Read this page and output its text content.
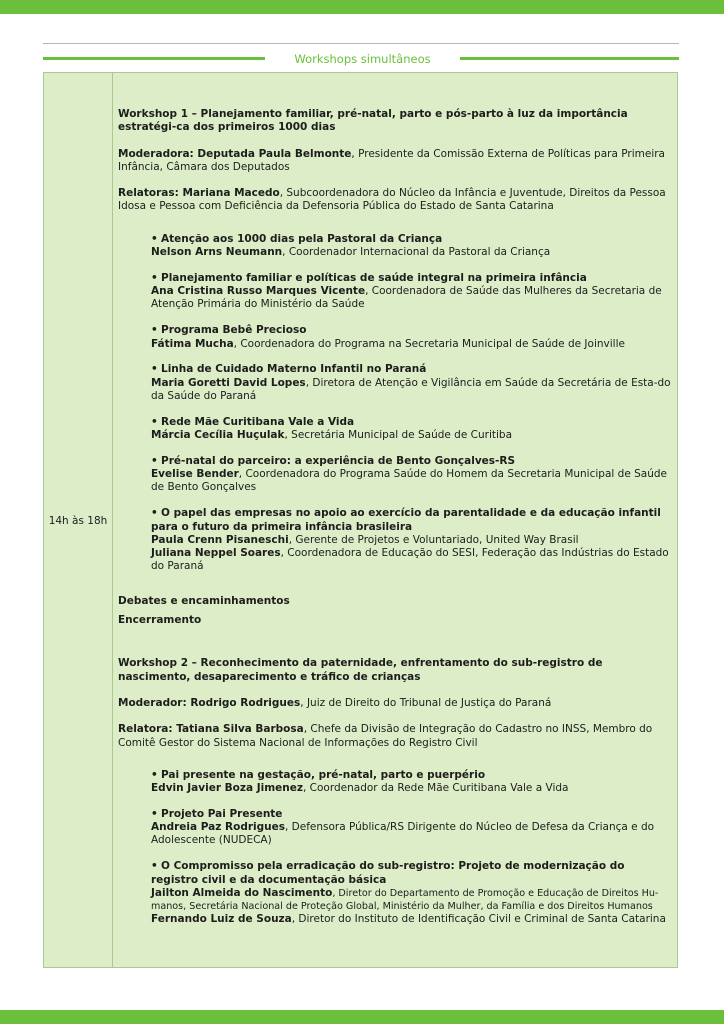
Workshops simultâneos
14h às 18h
Workshop 1 – Planejamento familiar, pré-natal, parto e pós-parto à luz da importância estratégi-ca dos primeiros 1000 dias
Moderadora: Deputada Paula Belmonte, Presidente da Comissão Externa de Políticas para Primeira Infância, Câmara dos Deputados
Relatoras: Mariana Macedo, Subcoordenadora do Núcleo da Infância e Juventude, Direitos da Pessoa Idosa e Pessoa com Deficiência da Defensoria Pública do Estado de Santa Catarina
• Atenção aos 1000 dias pela Pastoral da Criança
Nelson Arns Neumann, Coordenador Internacional da Pastoral da Criança
• Planejamento familiar e políticas de saúde integral na primeira infância
Ana Cristina Russo Marques Vicente, Coordenadora de Saúde das Mulheres da Secretaria de Atenção Primária do Ministério da Saúde
• Programa Bebê Precioso
Fátima Mucha, Coordenadora do Programa na Secretaria Municipal de Saúde de Joinville
• Linha de Cuidado Materno Infantil no Paraná
Maria Goretti David Lopes, Diretora de Atenção e Vigilância em Saúde da Secretária de Esta-do da Saúde do Paraná
• Rede Mãe Curitibana Vale a Vida
Márcia Cecília Huçulak, Secretária Municipal de Saúde de Curitiba
• Pré-natal do parceiro: a experiência de Bento Gonçalves-RS
Evelise Bender, Coordenadora do Programa Saúde do Homem da Secretaria Municipal de Saúde de Bento Gonçalves
• O papel das empresas no apoio ao exercício da parentalidade e da educação infantil para o futuro da primeira infância brasileira
Paula Crenn Pisaneschi, Gerente de Projetos e Voluntariado, United Way Brasil
Juliana Neppel Soares, Coordenadora de Educação do SESI, Federação das Indústrias do Estado do Paraná
Debates e encaminhamentos
Encerramento
Workshop 2 – Reconhecimento da paternidade, enfrentamento do sub-registro de nascimento, desaparecimento e tráfico de crianças
Moderador: Rodrigo Rodrigues, Juiz de Direito do Tribunal de Justiça do Paraná
Relatora: Tatiana Silva Barbosa, Chefe da Divisão de Integração do Cadastro no INSS, Membro do Comitê Gestor do Sistema Nacional de Informações do Registro Civil
• Pai presente na gestação, pré-natal, parto e puerpério
Edvin Javier Boza Jimenez, Coordenador da Rede Mãe Curitibana Vale a Vida
• Projeto Pai Presente
Andreia Paz Rodrigues, Defensora Pública/RS Dirigente do Núcleo de Defesa da Criança e do Adolescente (NUDECA)
• O Compromisso pela erradicação do sub-registro: Projeto de modernização do registro civil e da documentação básica
Jailton Almeida do Nascimento, Diretor do Departamento de Promoção e Educação de Direitos Hu-manos, Secretária Nacional de Proteção Global, Ministério da Mulher, da Família e dos Direitos Humanos
Fernando Luiz de Souza, Diretor do Instituto de Identificação Civil e Criminal de Santa Catarina
